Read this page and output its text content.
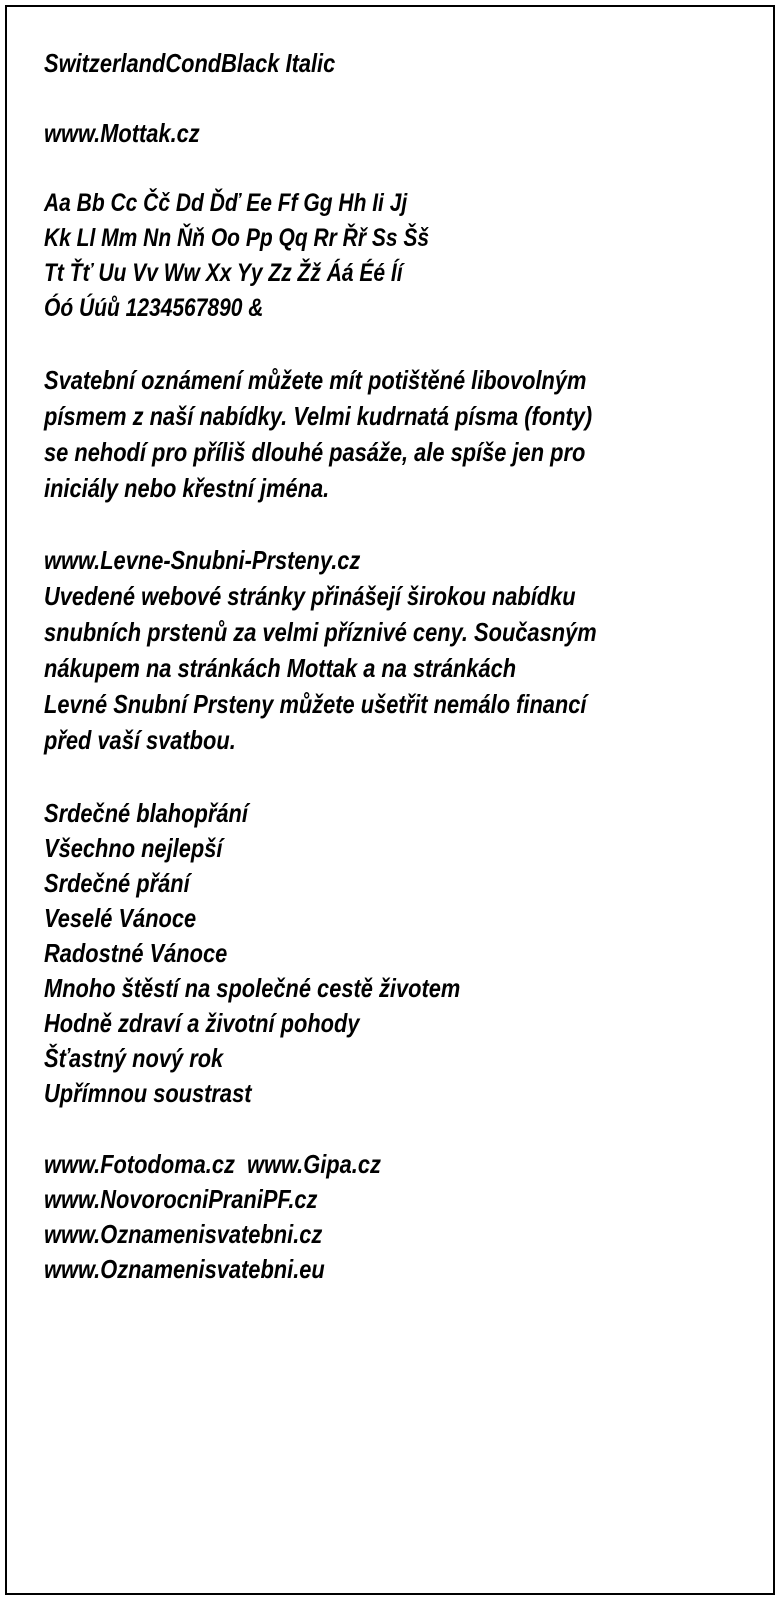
SwitzerlandCondBlack Italic
www.Mottak.cz
Aa Bb Cc Čč Dd Ďď Ee Ff Gg Hh Ii Jj
Kk Ll Mm Nn Ňň Oo Pp Qq Rr Řř Ss Šš
Tt Ťť Uu Vv Ww Xx Yy Zz Žž Áá Éé Íí
Óó Úúů 1234567890 &
Svatební oznámení můžete mít potištěné libovolným
písmem z naší nabídky. Velmi kudrnatá písma (fonty)
se nehodí pro příliš dlouhé pasáže, ale spíše jen pro
iniciály nebo křestní jména.
www.Levne-Snubni-Prsteny.cz
Uvedené webové stránky přinášejí širokou nabídku
snubních prstenů za velmi příznivé ceny. Současným
nákupem na stránkách Mottak a na stránkách
Levné Snubní Prsteny můžete ušetřit nemálo financí
před vaší svatbou.
Srdečné blahopřání
Všechno nejlepší
Srdečné přání
Veselé Vánoce
Radostné Vánoce
Mnoho štěstí na společné cestě životem
Hodně zdraví a životní pohody
Šťastný nový rok
Upřímnou soustrast
www.Fotodoma.cz  www.Gipa.cz
www.NovorocniPraniPF.cz
www.Oznamenisvatebni.cz
www.Oznamenisvatebni.eu
